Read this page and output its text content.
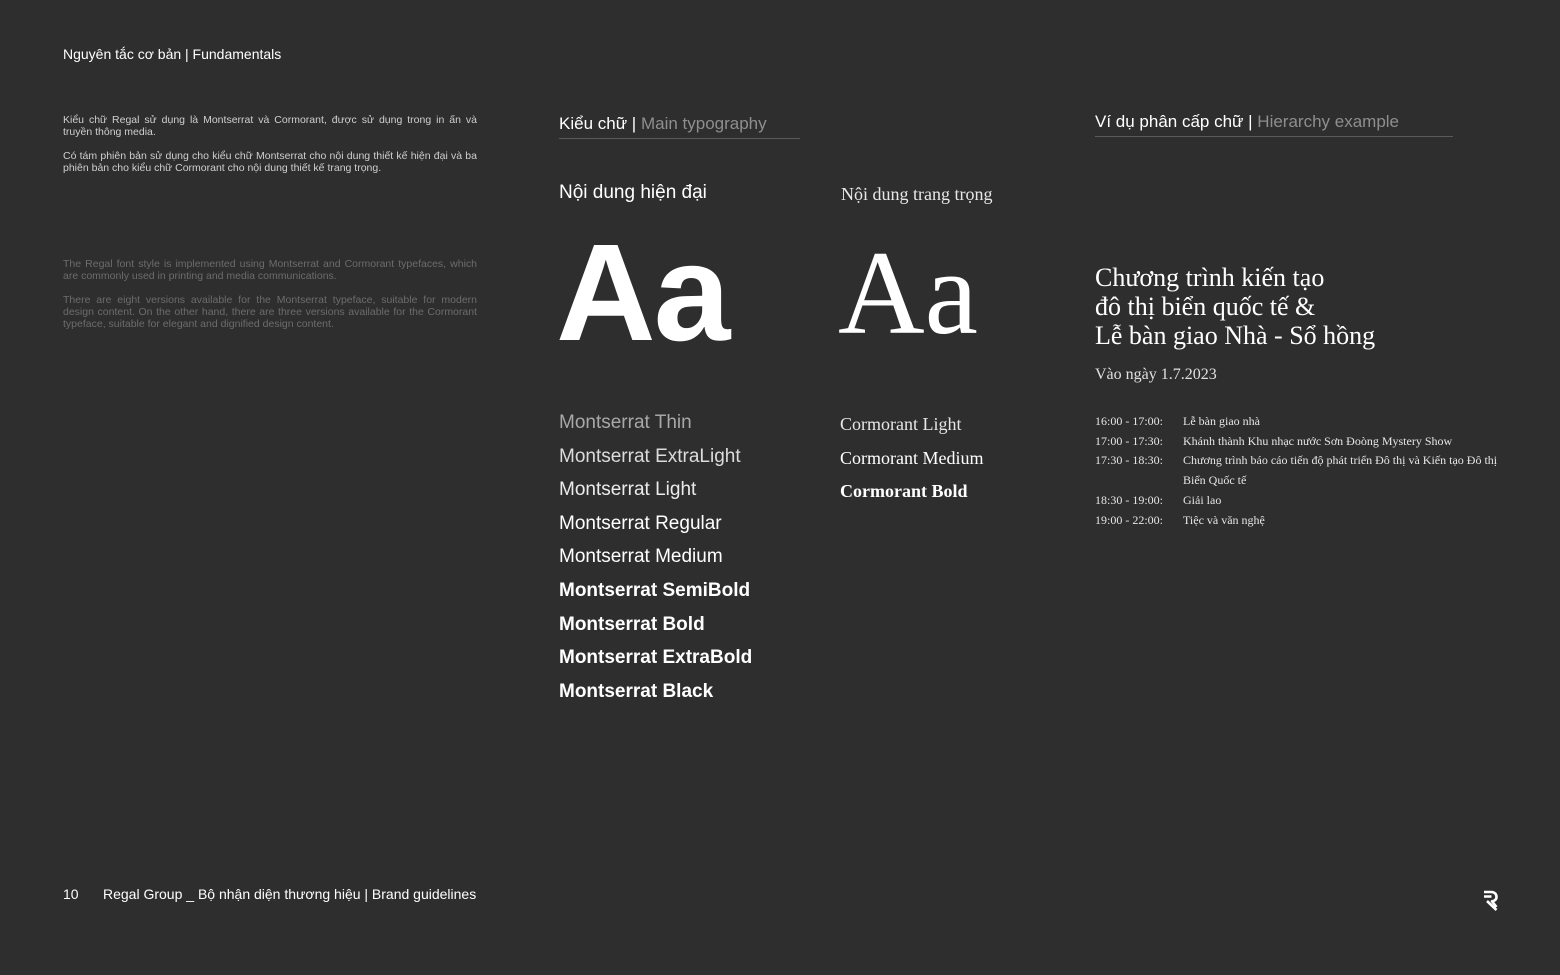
Nguyên tắc cơ bản | Fundamentals

Kiểu chữ Regal sử dụng là Montserrat và Cormorant, được sử dụng trong in ấn và truyền thông media.

Có tám phiên bản sử dụng cho kiểu chữ Montserrat cho nội dung thiết kế hiện đại và ba phiên bản cho kiểu chữ Cormorant cho nội dung thiết kế trang trọng.

The Regal font style is implemented using Montserrat and Cormorant typefaces, which are commonly used in printing and media communications.

There are eight versions available for the Montserrat typeface, suitable for modern design content. On the other hand, there are three versions available for the Cormorant typeface, suitable for elegant and dignified design content.

Kiểu chữ | Main typography
Nội dung hiện đại	Nội dung trang trọng
Aa Aa
Montserrat Thin
Montserrat ExtraLight
Montserrat Light
Montserrat Regular
Montserrat Medium
Montserrat SemiBold
Montserrat Bold
Montserrat ExtraBold
Montserrat Black
Cormorant Light
Cormorant Medium
Cormorant Bold
Ví dụ phân cấp chữ | Hierarchy example
Chương trình kiến tạo
đô thị biển quốc tế &
Lễ bàn giao Nhà - Sổ hồng
Vào ngày 1.7.2023
16:00 - 17:00:	Lễ bàn giao nhà
17:00 - 17:30:	Khánh thành Khu nhạc nước Sơn Đoòng Mystery Show
17:30 - 18:30:	Chương trình báo cáo tiến độ phát triển Đô thị và Kiến tạo Đô thị Biển Quốc tế
18:30 - 19:00:	Giải lao
19:00 - 22:00:	Tiệc và văn nghệ
10 Regal Group _ Bộ nhận diện thương hiệu | Brand guidelines
